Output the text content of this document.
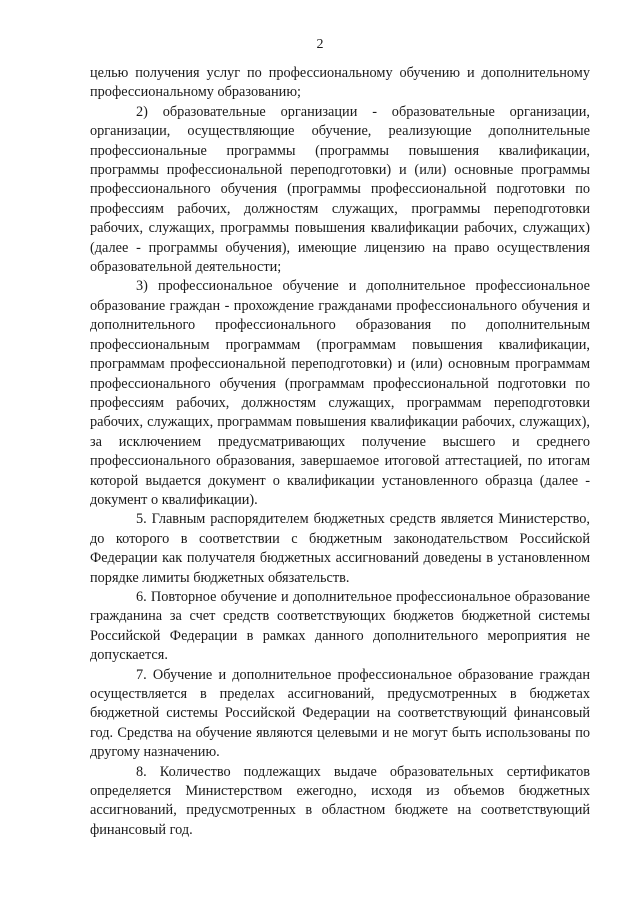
2

целью получения услуг по профессиональному обучению и дополнительному профессиональному образованию;

2) образовательные организации - образовательные организации, организации, осуществляющие обучение, реализующие дополнительные профессиональные программы (программы повышения квалификации, программы профессиональной переподготовки) и (или) основные программы профессионального обучения (программы профессиональной подготовки по профессиям рабочих, должностям служащих, программы переподготовки рабочих, служащих, программы повышения квалификации рабочих, служащих) (далее - программы обучения), имеющие лицензию на право осуществления образовательной деятельности;

3) профессиональное обучение и дополнительное профессиональное образование граждан - прохождение гражданами профессионального обучения и дополнительного профессионального образования по дополнительным профессиональным программам (программам повышения квалификации, программам профессиональной переподготовки) и (или) основным программам профессионального обучения (программам профессиональной подготовки по профессиям рабочих, должностям служащих, программам переподготовки рабочих, служащих, программам повышения квалификации рабочих, служащих), за исключением предусматривающих получение высшего и среднего профессионального образования, завершаемое итоговой аттестацией, по итогам которой выдается документ о квалификации установленного образца (далее - документ о квалификации).

5. Главным распорядителем бюджетных средств является Министерство, до которого в соответствии с бюджетным законодательством Российской Федерации как получателя бюджетных ассигнований доведены в установленном порядке лимиты бюджетных обязательств.

6. Повторное обучение и дополнительное профессиональное образование гражданина за счет средств соответствующих бюджетов бюджетной системы Российской Федерации в рамках данного дополнительного мероприятия не допускается.

7. Обучение и дополнительное профессиональное образование граждан осуществляется в пределах ассигнований, предусмотренных в бюджетах бюджетной системы Российской Федерации на соответствующий финансовый год. Средства на обучение являются целевыми и не могут быть использованы по другому назначению.

8. Количество подлежащих выдаче образовательных сертификатов определяется Министерством ежегодно, исходя из объемов бюджетных ассигнований, предусмотренных в областном бюджете на соответствующий финансовый год.
